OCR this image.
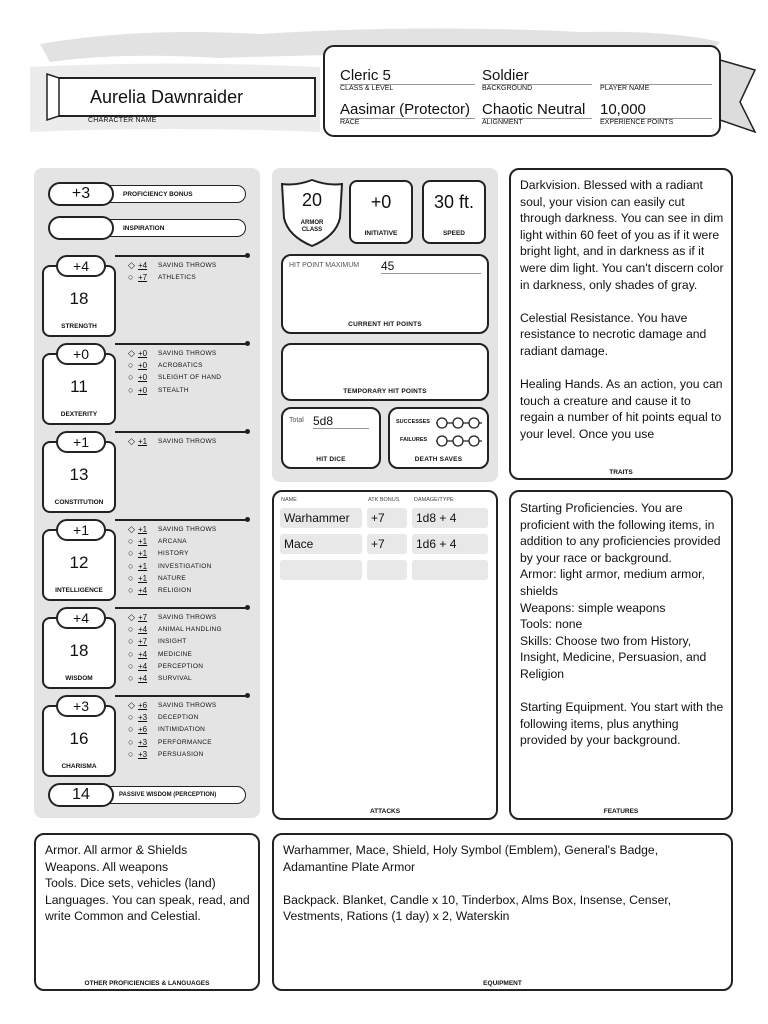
Aurelia Dawnraider
CHARACTER NAME
Cleric 5
CLASS & LEVEL
Soldier	BACKGROUND	PLAYER NAME
Aasimar (Protector)
RACE
Chaotic Neutral	ALIGNMENT
10,000	EXPERIENCE POINTS
+3	PROFICIENCY BONUS
INSPIRATION
+4
18
STRENGTH
◇ +4	SAVING THROWS
○ +7	ATHLETICS
+0
11
DEXTERITY
◇ +0	SAVING THROWS
○ +0	ACROBATICS
○ +0	SLEIGHT OF HAND
○ +0	STEALTH
+1
13
CONSTITUTION
◇ +1	SAVING THROWS
+1
12
INTELLIGENCE
◇ +1	SAVING THROWS
○ +1	ARCANA
○ +1	HISTORY
○ +1	INVESTIGATION
○ +1	NATURE
○ +4	RELIGION
+4
18
WISDOM
◇ +7	SAVING THROWS
○ +4	ANIMAL HANDLING
○ +7	INSIGHT
○ +4	MEDICINE
○ +4	PERCEPTION
○ +4	SURVIVAL
+3
16
CHARISMA
◇ +6	SAVING THROWS
○ +3	DECEPTION
○ +6	INTIMIDATION
○ +3	PERFORMANCE
○ +3	PERSUASION
14	PASSIVE WISDOM (PERCEPTION)
20
ARMOR CLASS
+0
INITIATIVE
30 ft.
SPEED
HIT POINT MAXIMUM 45
CURRENT HIT POINTS
TEMPORARY HIT POINTS
Total 5d8
HIT DICE
SUCCESSES
FAILURES
DEATH SAVES
NAME	ATK BONUS	DAMAGE/TYPE
Warhammer	+7	1d8 + 4
Mace	+7	1d6 + 4
ATTACKS
Darkvision. Blessed with a radiant soul, your vision can easily cut through darkness. You can see in dim light within 60 feet of you as if it were bright light, and in darkness as if it were dim light. You can't discern color in darkness, only shades of gray.

Celestial Resistance. You have resistance to necrotic damage and radiant damage.

Healing Hands. As an action, you can touch a creature and cause it to regain a number of hit points equal to your level. Once you use
TRAITS
Starting Proficiencies. You are proficient with the following items, in addition to any proficiencies provided by your race or background.
Armor: light armor, medium armor, shields
Weapons: simple weapons
Tools: none
Skills: Choose two from History, Insight, Medicine, Persuasion, and Religion

Starting Equipment. You start with the following items, plus anything provided by your background.
FEATURES
Armor. All armor & Shields
Weapons. All weapons
Tools. Dice sets, vehicles (land)
Languages. You can speak, read, and write Common and Celestial.
OTHER PROFICIENCIES & LANGUAGES
Warhammer, Mace, Shield, Holy Symbol (Emblem), General's Badge, Adamantine Plate Armor

Backpack. Blanket, Candle x 10, Tinderbox, Alms Box, Insense, Censer, Vestments, Rations (1 day) x 2, Waterskin
EQUIPMENT
